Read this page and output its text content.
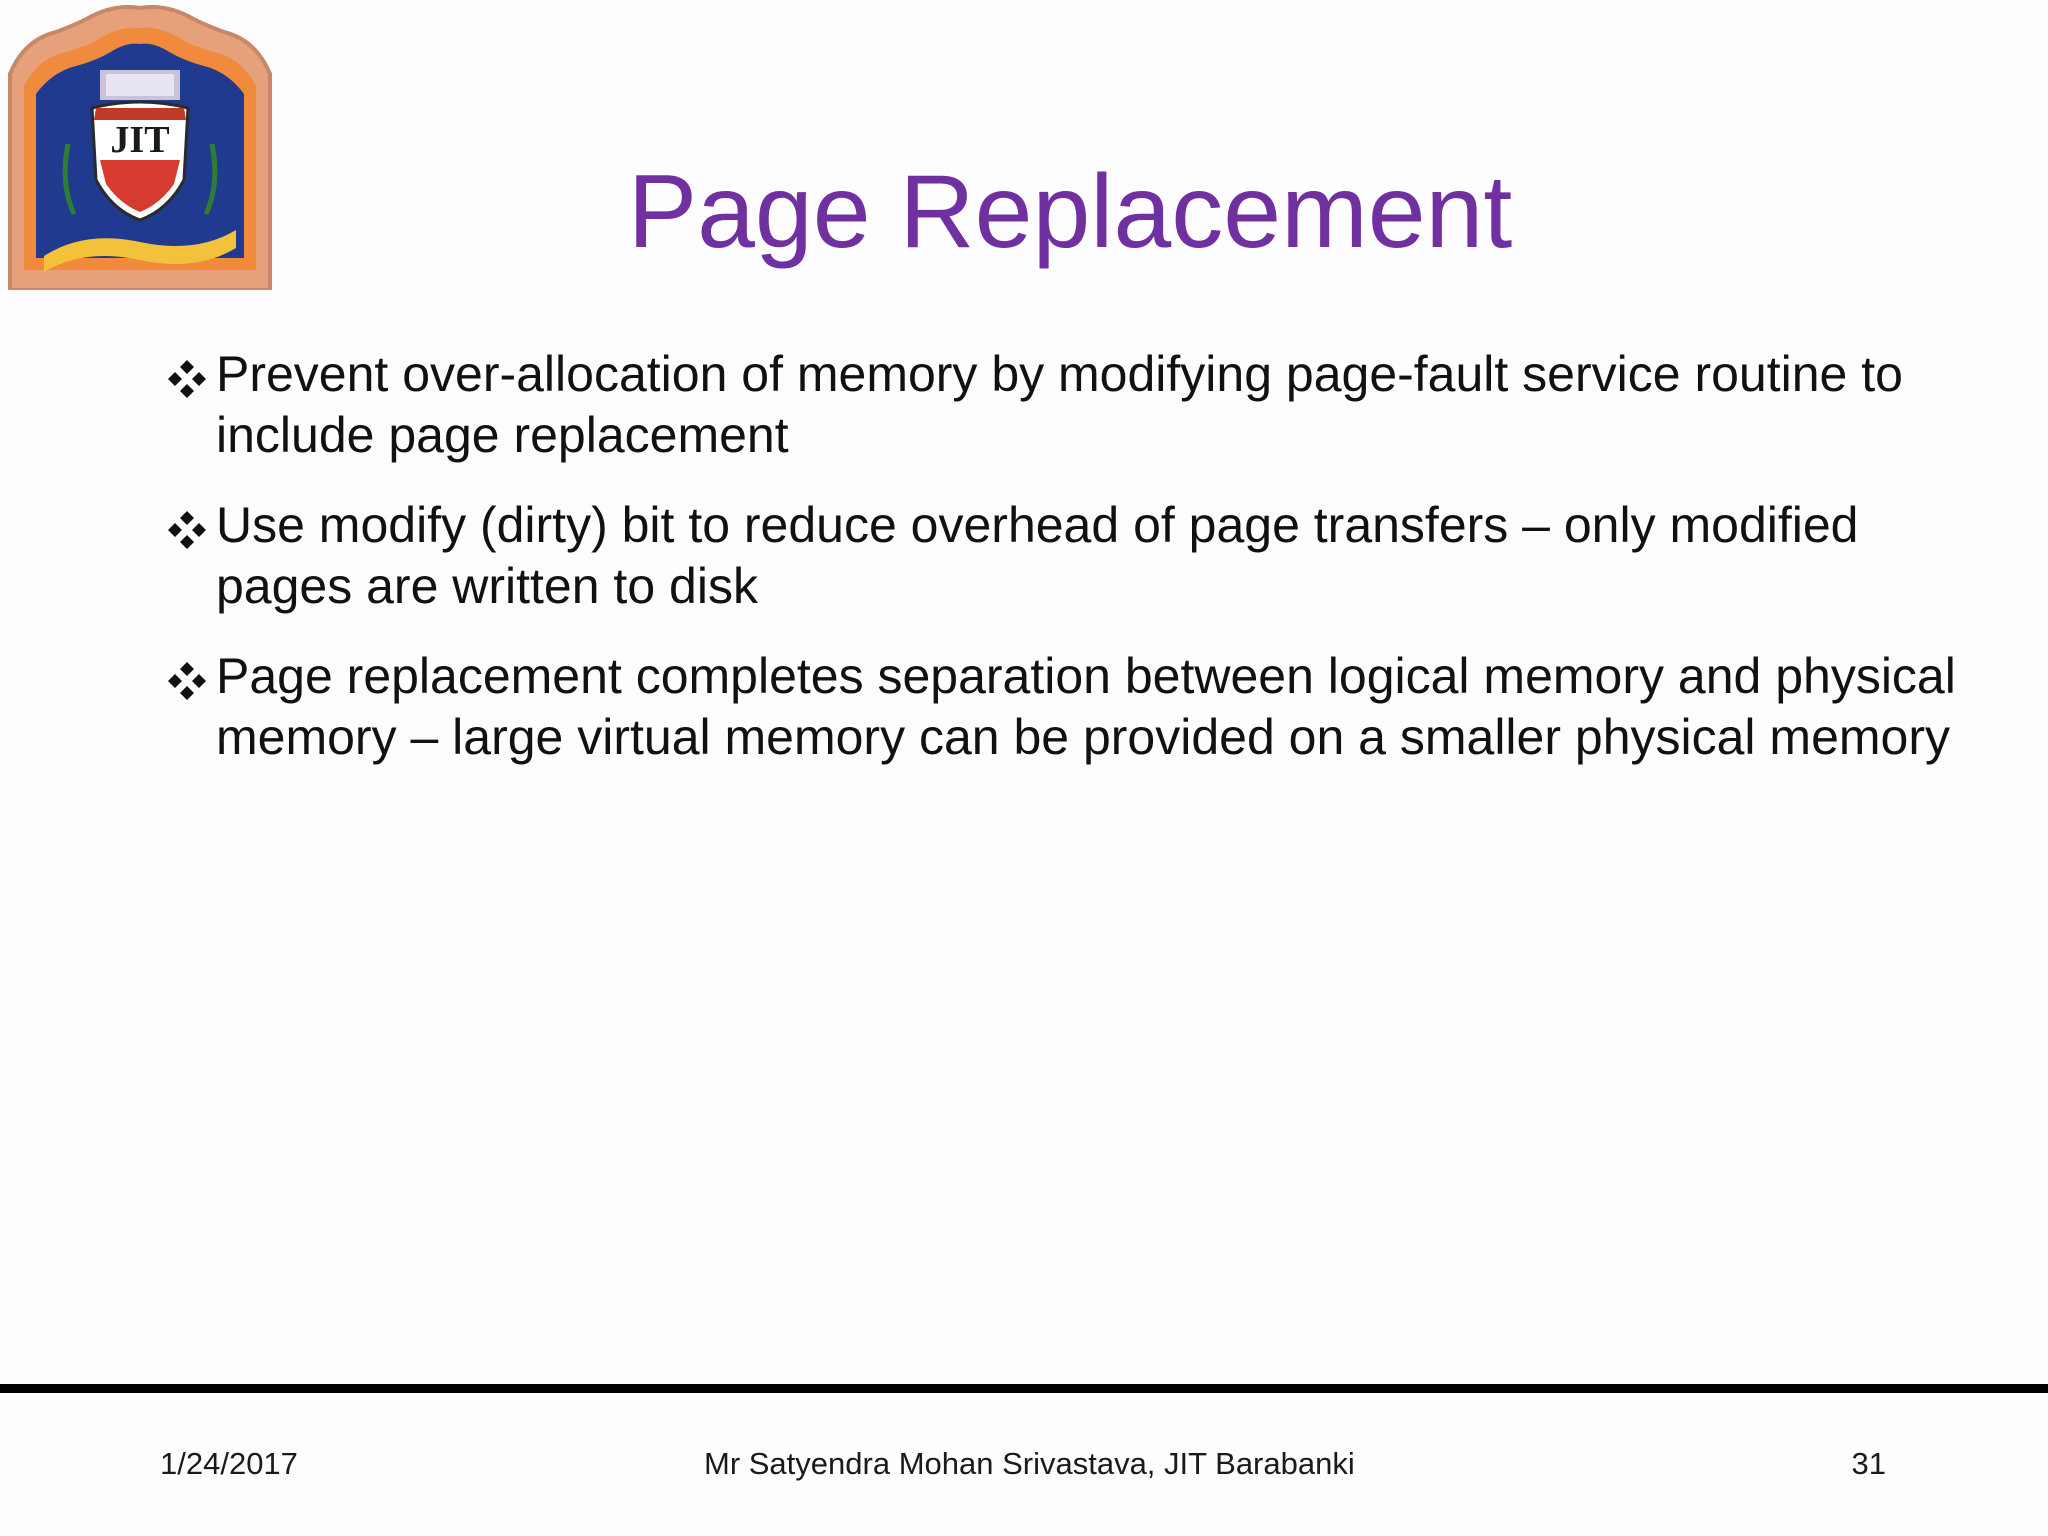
JIT
Page Replacement
Prevent over-allocation of memory by modifying page-fault service routine to include page replacement
Use modify (dirty) bit to reduce overhead of page transfers – only modified pages are written to disk
Page replacement completes separation between logical memory and physical memory – large virtual memory can be provided on a smaller physical memory
1/24/2017	Mr Satyendra Mohan Srivastava, JIT Barabanki	31
